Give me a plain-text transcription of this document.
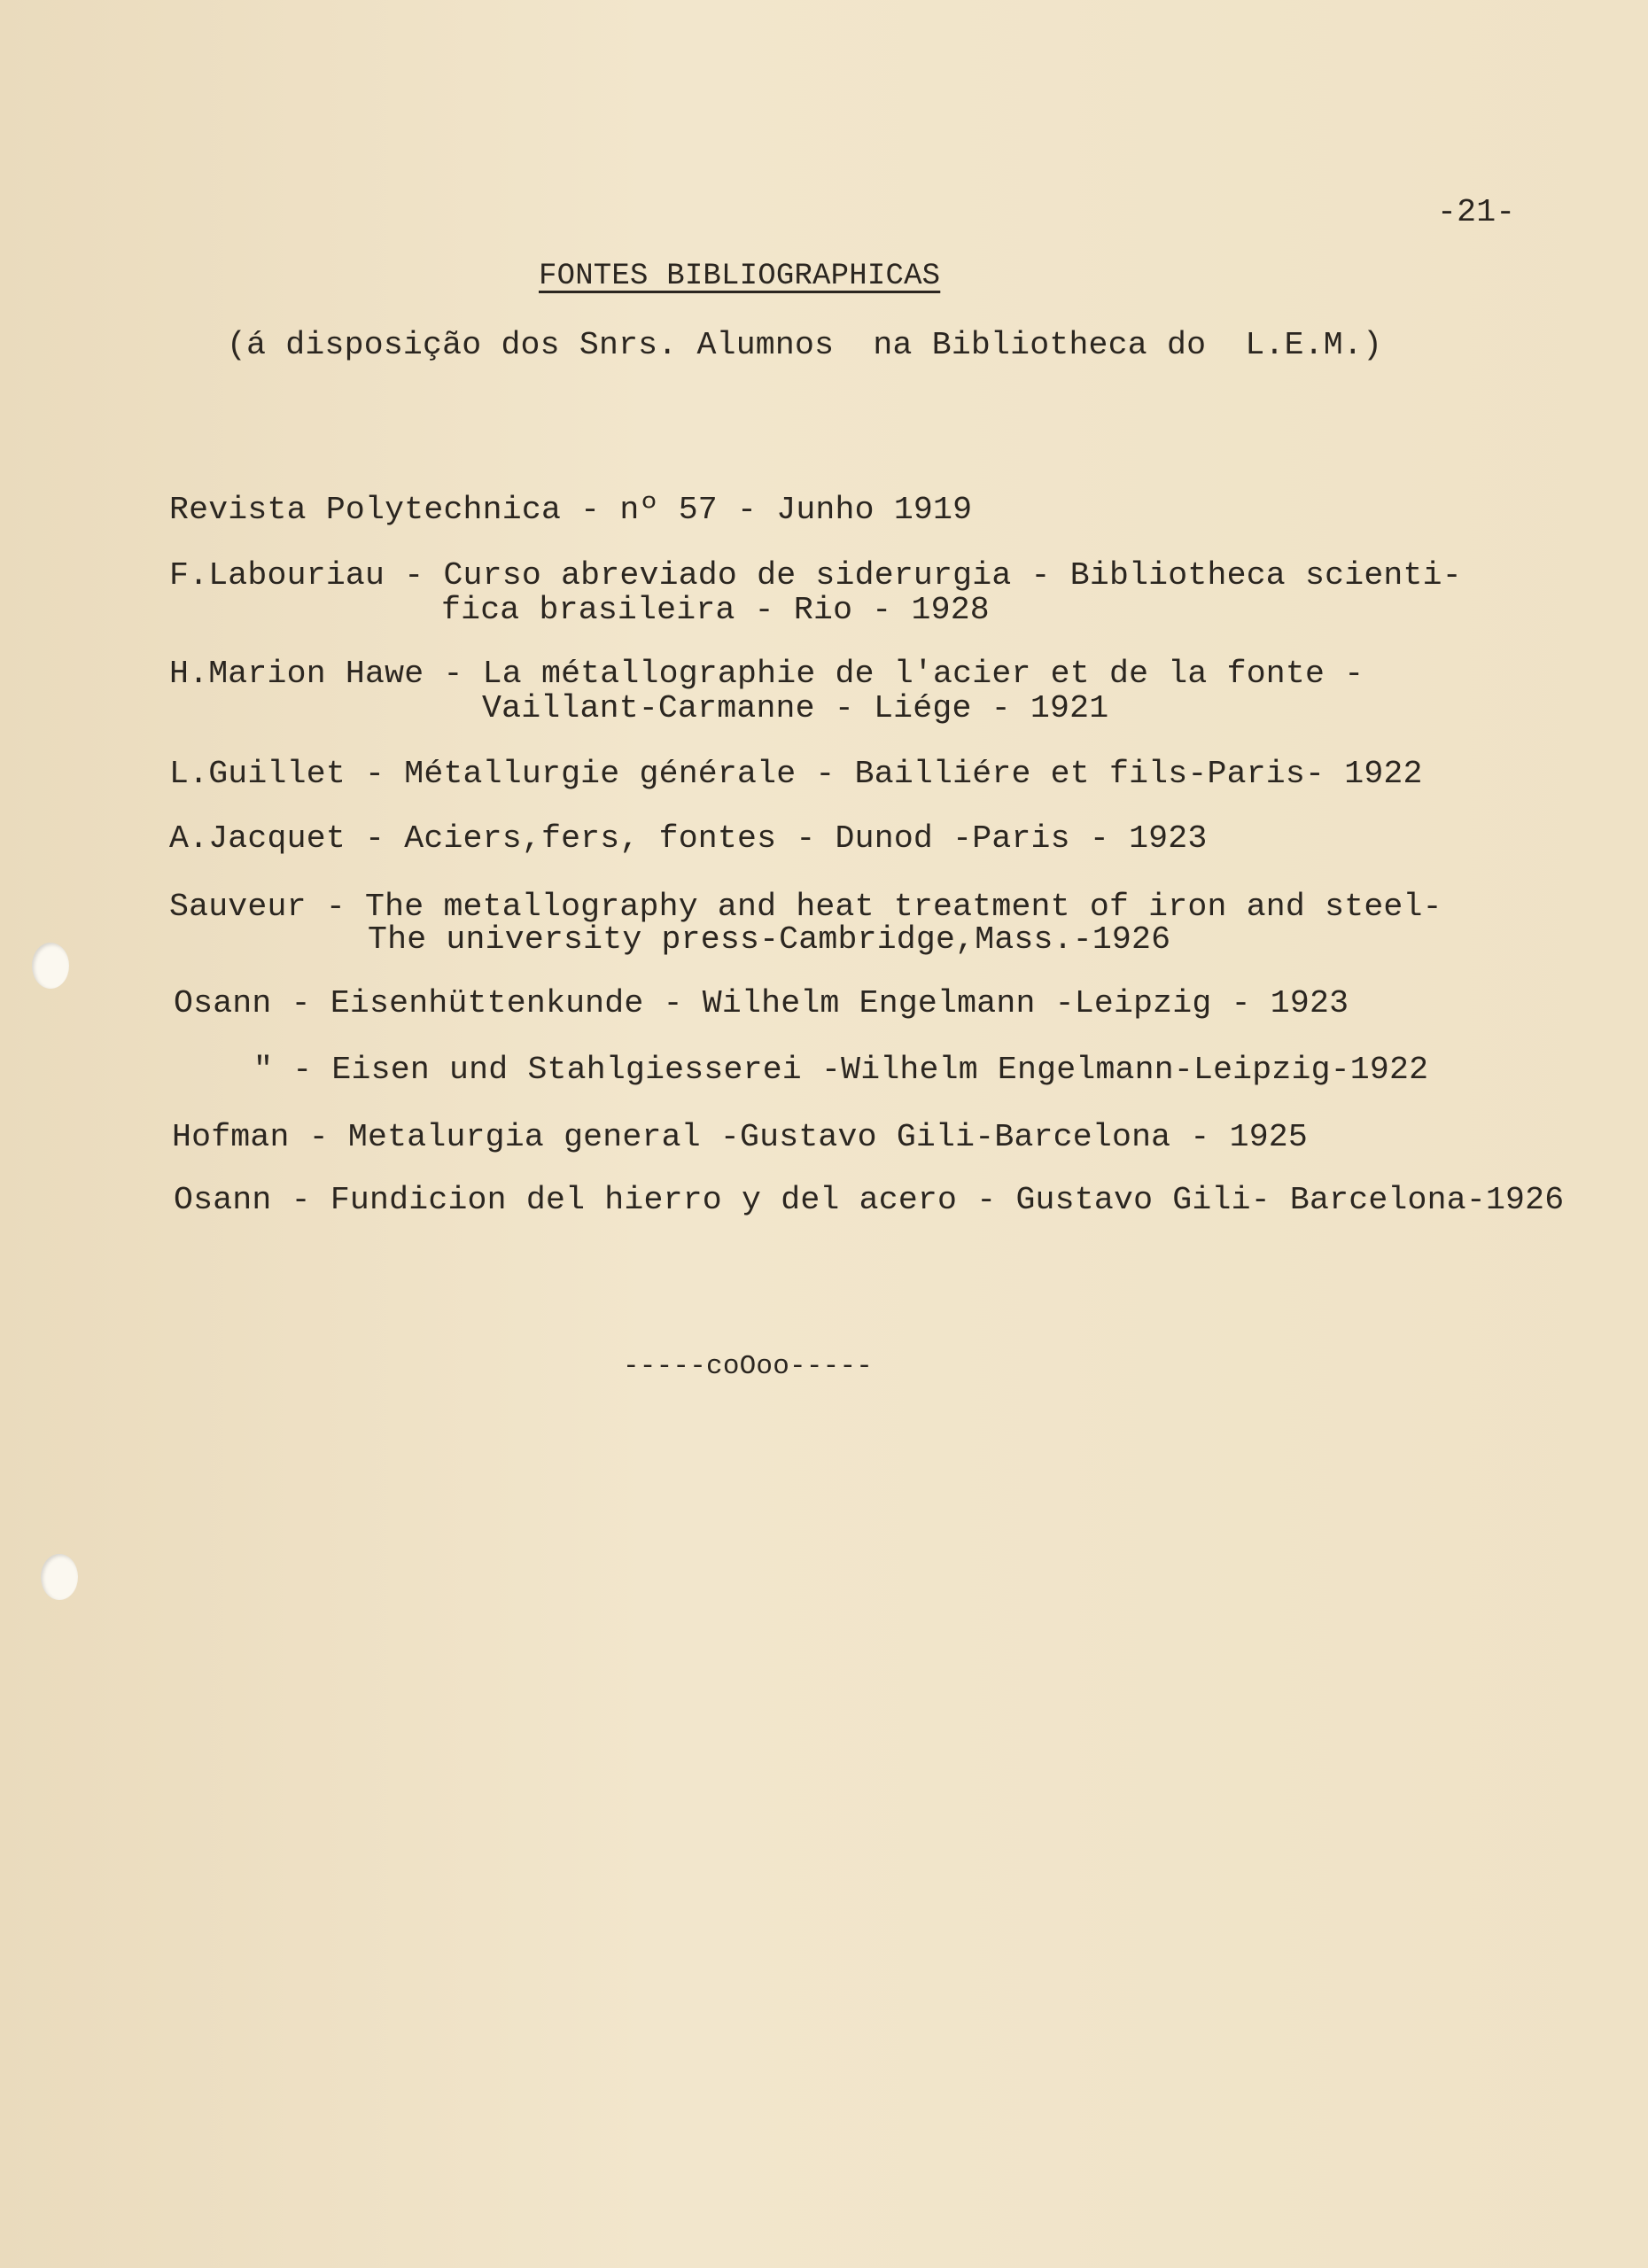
-21-
FONTES BIBLIOGRAPHICAS
(á disposição dos Snrs. Alumnos  na Bibliotheca do  L.E.M.)
Revista Polytechnica - nº 57 - Junho 1919
F.Labouriau - Curso abreviado de siderurgia - Bibliotheca scienti-
fica brasileira - Rio - 1928
H.Marion Hawe - La métallographie de l'acier et de la fonte -
Vaillant-Carmanne - Liége - 1921
L.Guillet - Métallurgie générale - Bailliére et fils-Paris- 1922
A.Jacquet - Aciers,fers, fontes - Dunod -Paris - 1923
Sauveur - The metallography and heat treatment of iron and steel-
The university press-Cambridge,Mass.-1926
Osann - Eisenhüttenkunde - Wilhelm Engelmann -Leipzig - 1923
" - Eisen und Stahlgiesserei -Wilhelm Engelmann-Leipzig-1922
Hofman - Metalurgia general -Gustavo Gili-Barcelona - 1925
Osann - Fundicion del hierro y del acero - Gustavo Gili- Barcelona-1926
-----coOoo-----
